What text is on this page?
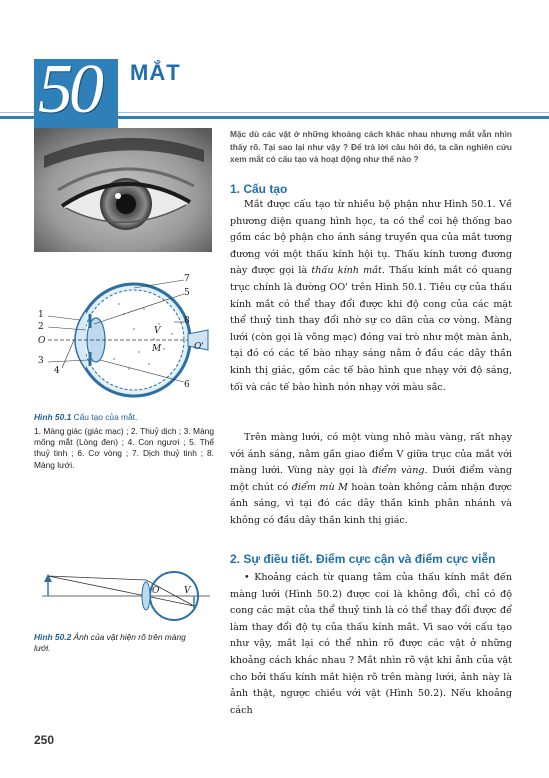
50	MẮT
7
5
8
1
2
O
3
4
6
V
M	O'
Hình 50.1 Cấu tạo của mắt.
1. Màng giác (giác mạc) ; 2. Thuỷ dịch ; 3. Màng mống mắt (Lòng đen) ; 4. Con ngươi ; 5. Thể thuỷ tinh ; 6. Cơ vòng ; 7. Dịch thuỷ tinh ; 8. Màng lưới.
O	V
Hình 50.2 Ảnh của vật hiện rõ trên màng lưới.
Mặc dù các vật ở những khoảng cách khác nhau nhưng mắt vẫn nhìn thấy rõ. Tại sao lại như vậy ? Để trả lời câu hỏi đó, ta cần nghiên cứu xem mắt có cấu tạo và hoạt động như thế nào ?
1. Cấu tạo

Mắt được cấu tạo từ nhiều bộ phận như Hình 50.1. Về phương diện quang hình học, ta có thể coi hệ thống bao gồm các bộ phận cho ánh sáng truyền qua của mắt tương đương với một thấu kính hội tụ. Thấu kính tương đương này được gọi là thấu kính mắt. Thấu kính mắt có quang trục chính là đường OO' trên Hình 50.1. Tiêu cự của thấu kính mắt có thể thay đổi được khi độ cong của các mặt thể thuỷ tinh thay đổi nhờ sự co dãn của cơ vòng. Màng lưới (còn gọi là võng mạc) đóng vai trò như một màn ảnh, tại đó có các tế bào nhạy sáng nằm ở đầu các dây thần kinh thị giác, gồm các tế bào hình que nhạy với độ sáng, tối và các tế bào hình nón nhạy với màu sắc.

Trên màng lưới, có một vùng nhỏ màu vàng, rất nhạy với ánh sáng, nằm gần giao điểm V giữa trục của mắt với màng lưới. Vùng này gọi là điểm vàng. Dưới điểm vàng một chút có điểm mù M hoàn toàn không cảm nhận được ánh sáng, vì tại đó các dây thần kinh phân nhánh và không có đầu dây thần kinh thị giác.

2. Sự điều tiết. Điểm cực cận và điểm cực viễn

• Khoảng cách từ quang tâm của thấu kính mắt đến màng lưới (Hình 50.2) được coi là không đổi, chỉ có độ cong các mặt của thể thuỷ tinh là có thể thay đổi được để làm thay đổi độ tụ của thấu kính mắt. Vì sao với cấu tạo như vậy, mắt lại có thể nhìn rõ được các vật ở những khoảng cách khác nhau ? Mắt nhìn rõ vật khi ảnh của vật cho bởi thấu kính mắt hiện rõ trên màng lưới, ảnh này là ảnh thật, ngược chiều với vật (Hình 50.2). Nếu khoảng cách

250
